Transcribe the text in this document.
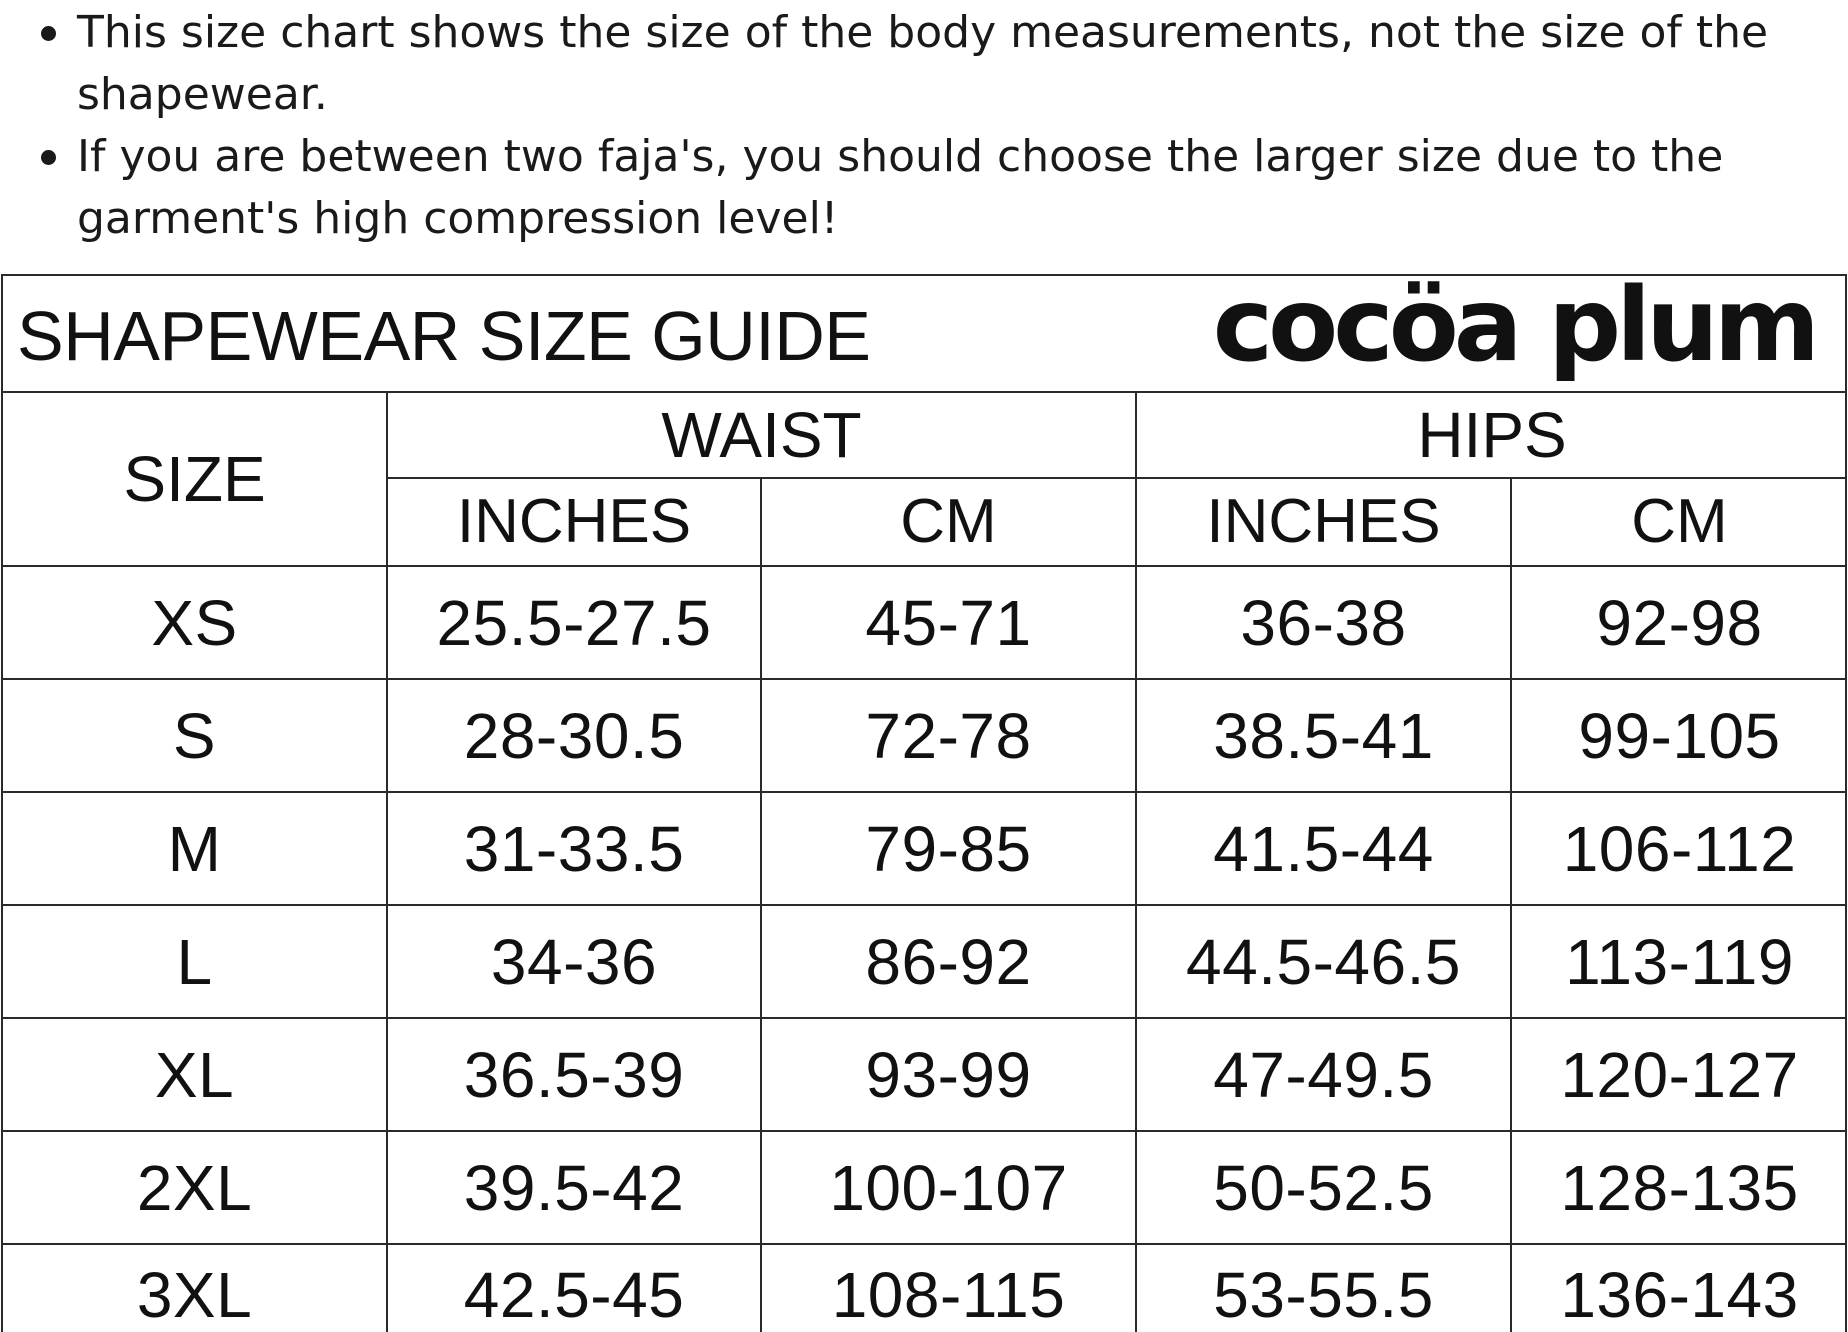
This size chart shows the size of the body measurements, not the size of the shapewear.
If you are between two faja's, you should choose the larger size due to the garment's high compression level!
SHAPEWEAR SIZE GUIDE	cocöa plum
SIZE	WAIST		HIPS	
	INCHES	CM	INCHES	CM
XS	25.5-27.5	45-71	36-38	92-98
S	28-30.5	72-78	38.5-41	99-105
M	31-33.5	79-85	41.5-44	106-112
L	34-36	86-92	44.5-46.5	113-119
XL	36.5-39	93-99	47-49.5	120-127
2XL	39.5-42	100-107	50-52.5	128-135
3XL	42.5-45	108-115	53-55.5	136-143
